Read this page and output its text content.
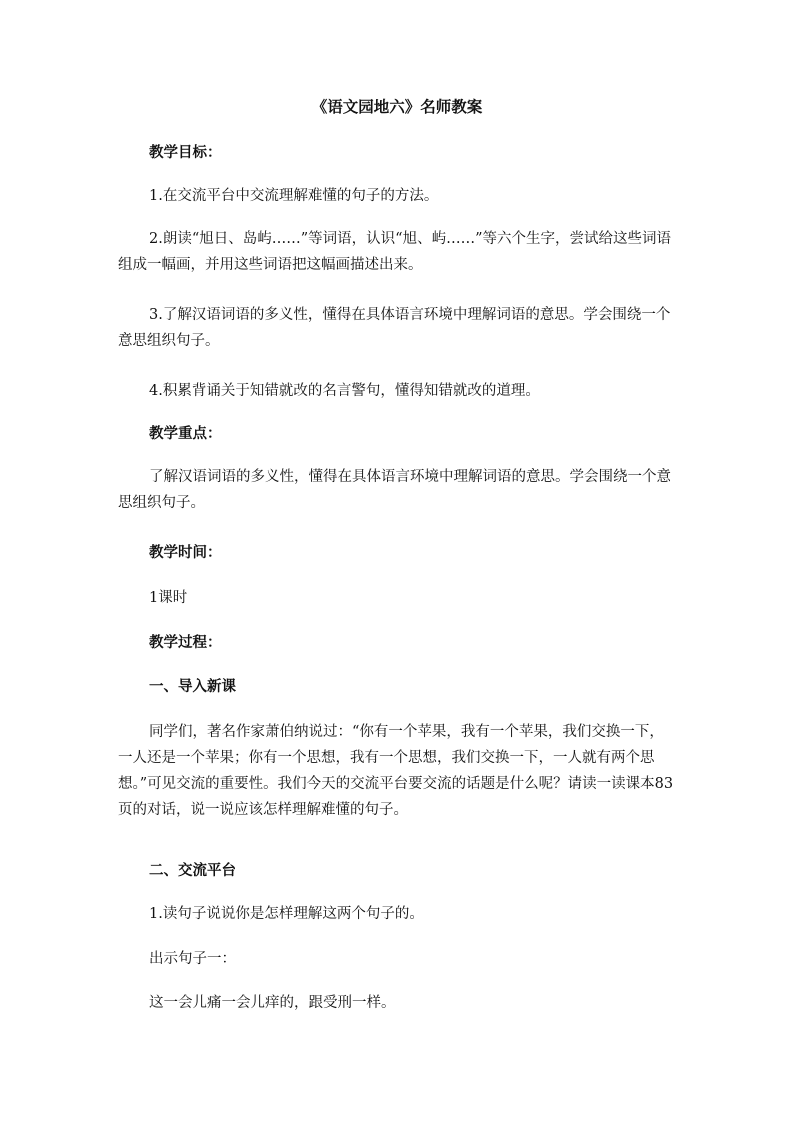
《语文园地六》名师教案
教学目标：
1.在交流平台中交流理解难懂的句子的方法。
2.朗读“旭日、岛屿……”等词语，认识“旭、屿……”等六个生字，尝试给这些词语组成一幅画，并用这些词语把这幅画描述出来。
3.了解汉语词语的多义性，懂得在具体语言环境中理解词语的意思。学会围绕一个意思组织句子。
4.积累背诵关于知错就改的名言警句，懂得知错就改的道理。
教学重点：
了解汉语词语的多义性，懂得在具体语言环境中理解词语的意思。学会围绕一个意思组织句子。
教学时间：
1课时
教学过程：
一、导入新课
同学们，著名作家萧伯纳说过：“你有一个苹果，我有一个苹果，我们交换一下，一人还是一个苹果；你有一个思想，我有一个思想，我们交换一下，一人就有两个思想。”可见交流的重要性。我们今天的交流平台要交流的话题是什么呢？请读一读课本83页的对话，说一说应该怎样理解难懂的句子。
二、交流平台
1.读句子说说你是怎样理解这两个句子的。
出示句子一：
这一会儿痛一会儿痒的，跟受刑一样。
